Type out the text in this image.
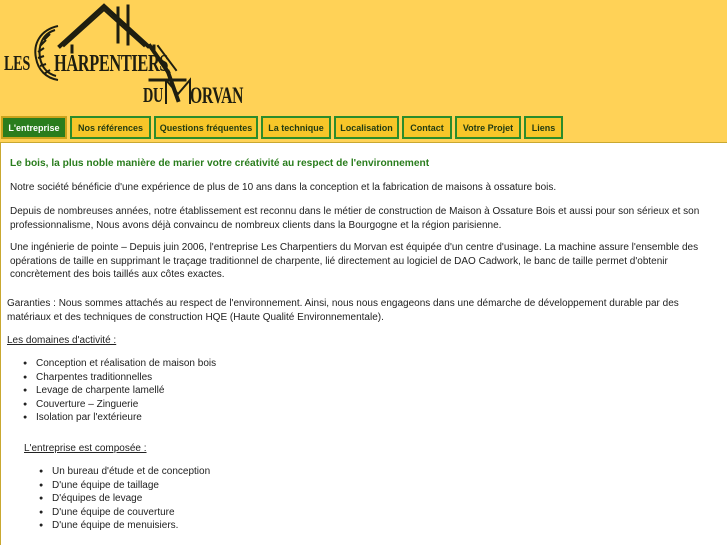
LES HARPENTIERS
DU ORVAN
L'entreprise	Nos références	Questions fréquentes	La technique	Localisation	Contact	Votre Projet	Liens
Le bois, la plus noble manière de marier votre créativité au respect de l'environnement
Notre société bénéficie d'une expérience de plus de 10 ans dans la conception et la fabrication de maisons à ossature bois.
Depuis de nombreuses années, notre établissement est reconnu dans le métier de construction de Maison à Ossature Bois et aussi pour son sérieux et son professionnalisme, Nous avons déjà convaincu de nombreux clients dans la Bourgogne et la région parisienne.
Une ingénierie de pointe – Depuis juin 2006, l'entreprise Les Charpentiers du Morvan est équipée d'un centre d'usinage. La machine assure l'ensemble des opérations de taille en supprimant le traçage traditionnel de charpente, lié directement au logiciel de DAO Cadwork, le banc de taille permet d'obtenir concrètement des bois taillés aux côtes exactes.
Garanties : Nous sommes attachés au respect de l'environnement. Ainsi, nous nous engageons dans une démarche de développement durable par des matériaux et des techniques de construction HQE (Haute Qualité Environnementale).
Les domaines d'activité :
● Conception et réalisation de maison bois
● Charpentes traditionnelles
● Levage de charpente lamellé
● Couverture – Zinguerie
● Isolation par l'extérieure
L'entreprise est composée :
● Un bureau d'étude et de conception
● D'une équipe de taillage
● D'équipes de levage
● D'une équipe de couverture
● D'une équipe de menuisiers.
